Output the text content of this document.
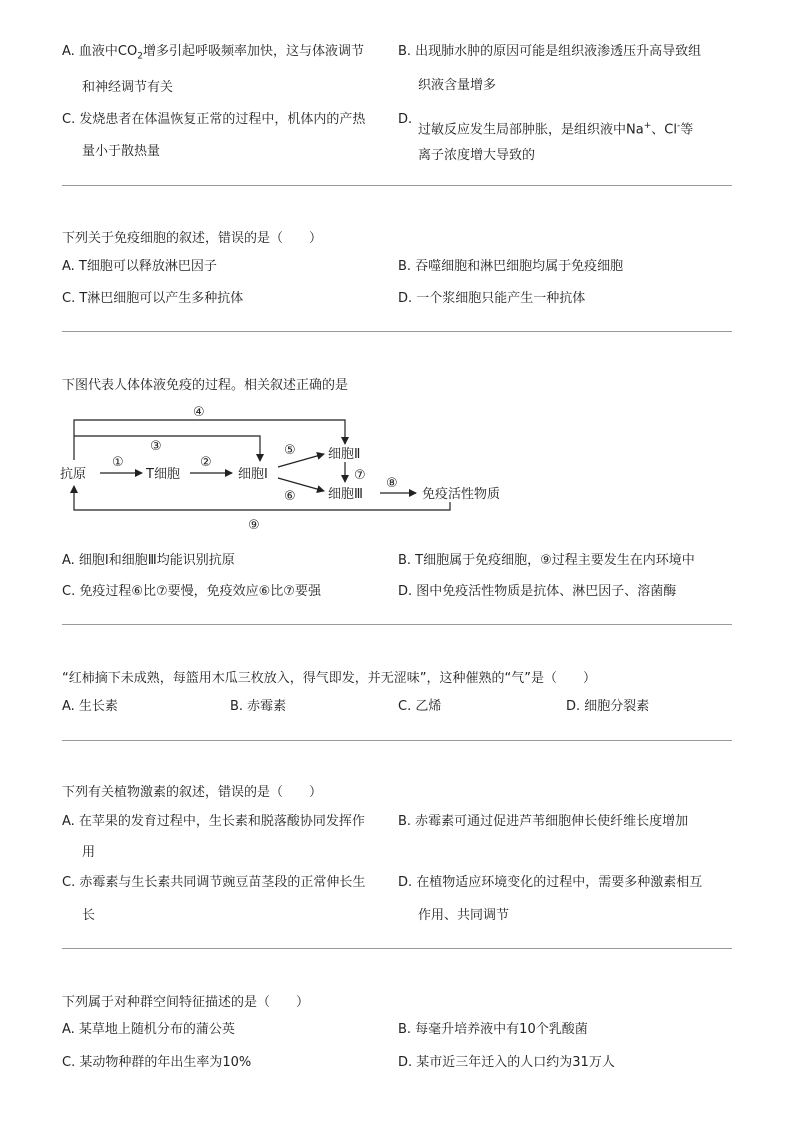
A. 血液中$CO_2$增多引起呼吸频率加快，这与体液调节
和神经调节有关
B. 出现肺水肿的原因可能是组织液渗透压升高导致组
织液含量增多
C. 发烧患者在体温恢复正常的过程中，机体内的产热
量小于散热量
D.
过敏反应发生局部肿胀，是组织液中Na+、Cl-等
离子浓度增大导致的
下列关于免疫细胞的叙述，错误的是（　　）
A. T细胞可以释放淋巴因子	B. 吞噬细胞和淋巴细胞均属于免疫细胞
C. T淋巴细胞可以产生多种抗体	D. 一个浆细胞只能产生一种抗体
下图代表人体体液免疫的过程。相关叙述正确的是
抗原	T细胞	细胞Ⅰ
细胞Ⅱ
细胞Ⅲ	免疫活性物质
④
③
①	②
⑤
⑥
⑦
⑧
⑨
A. 细胞Ⅰ和细胞Ⅲ均能识别抗原	B. T细胞属于免疫细胞，⑨过程主要发生在内环境中
C. 免疫过程⑥比⑦要慢，免疫效应⑥比⑦要强	D. 图中免疫活性物质是抗体、淋巴因子、溶菌酶
“红柿摘下未成熟，每篮用木瓜三枚放入，得气即发，并无涩味”，这种催熟的“气”是（　　）
A. 生长素	B. 赤霉素	C. 乙烯	D. 细胞分裂素
下列有关植物激素的叙述，错误的是（　　）
A. 在苹果的发育过程中，生长素和脱落酸协同发挥作
用
B. 赤霉素可通过促进芦苇细胞伸长使纤维长度增加
C. 赤霉素与生长素共同调节豌豆苗茎段的正常伸长生
长
D. 在植物适应环境变化的过程中，需要多种激素相互
作用、共同调节
下列属于对种群空间特征描述的是（　　）
A. 某草地上随机分布的蒲公英	B. 每毫升培养液中有10个乳酸菌
C. 某动物种群的年出生率为10%	D. 某市近三年迁入的人口约为31万人
